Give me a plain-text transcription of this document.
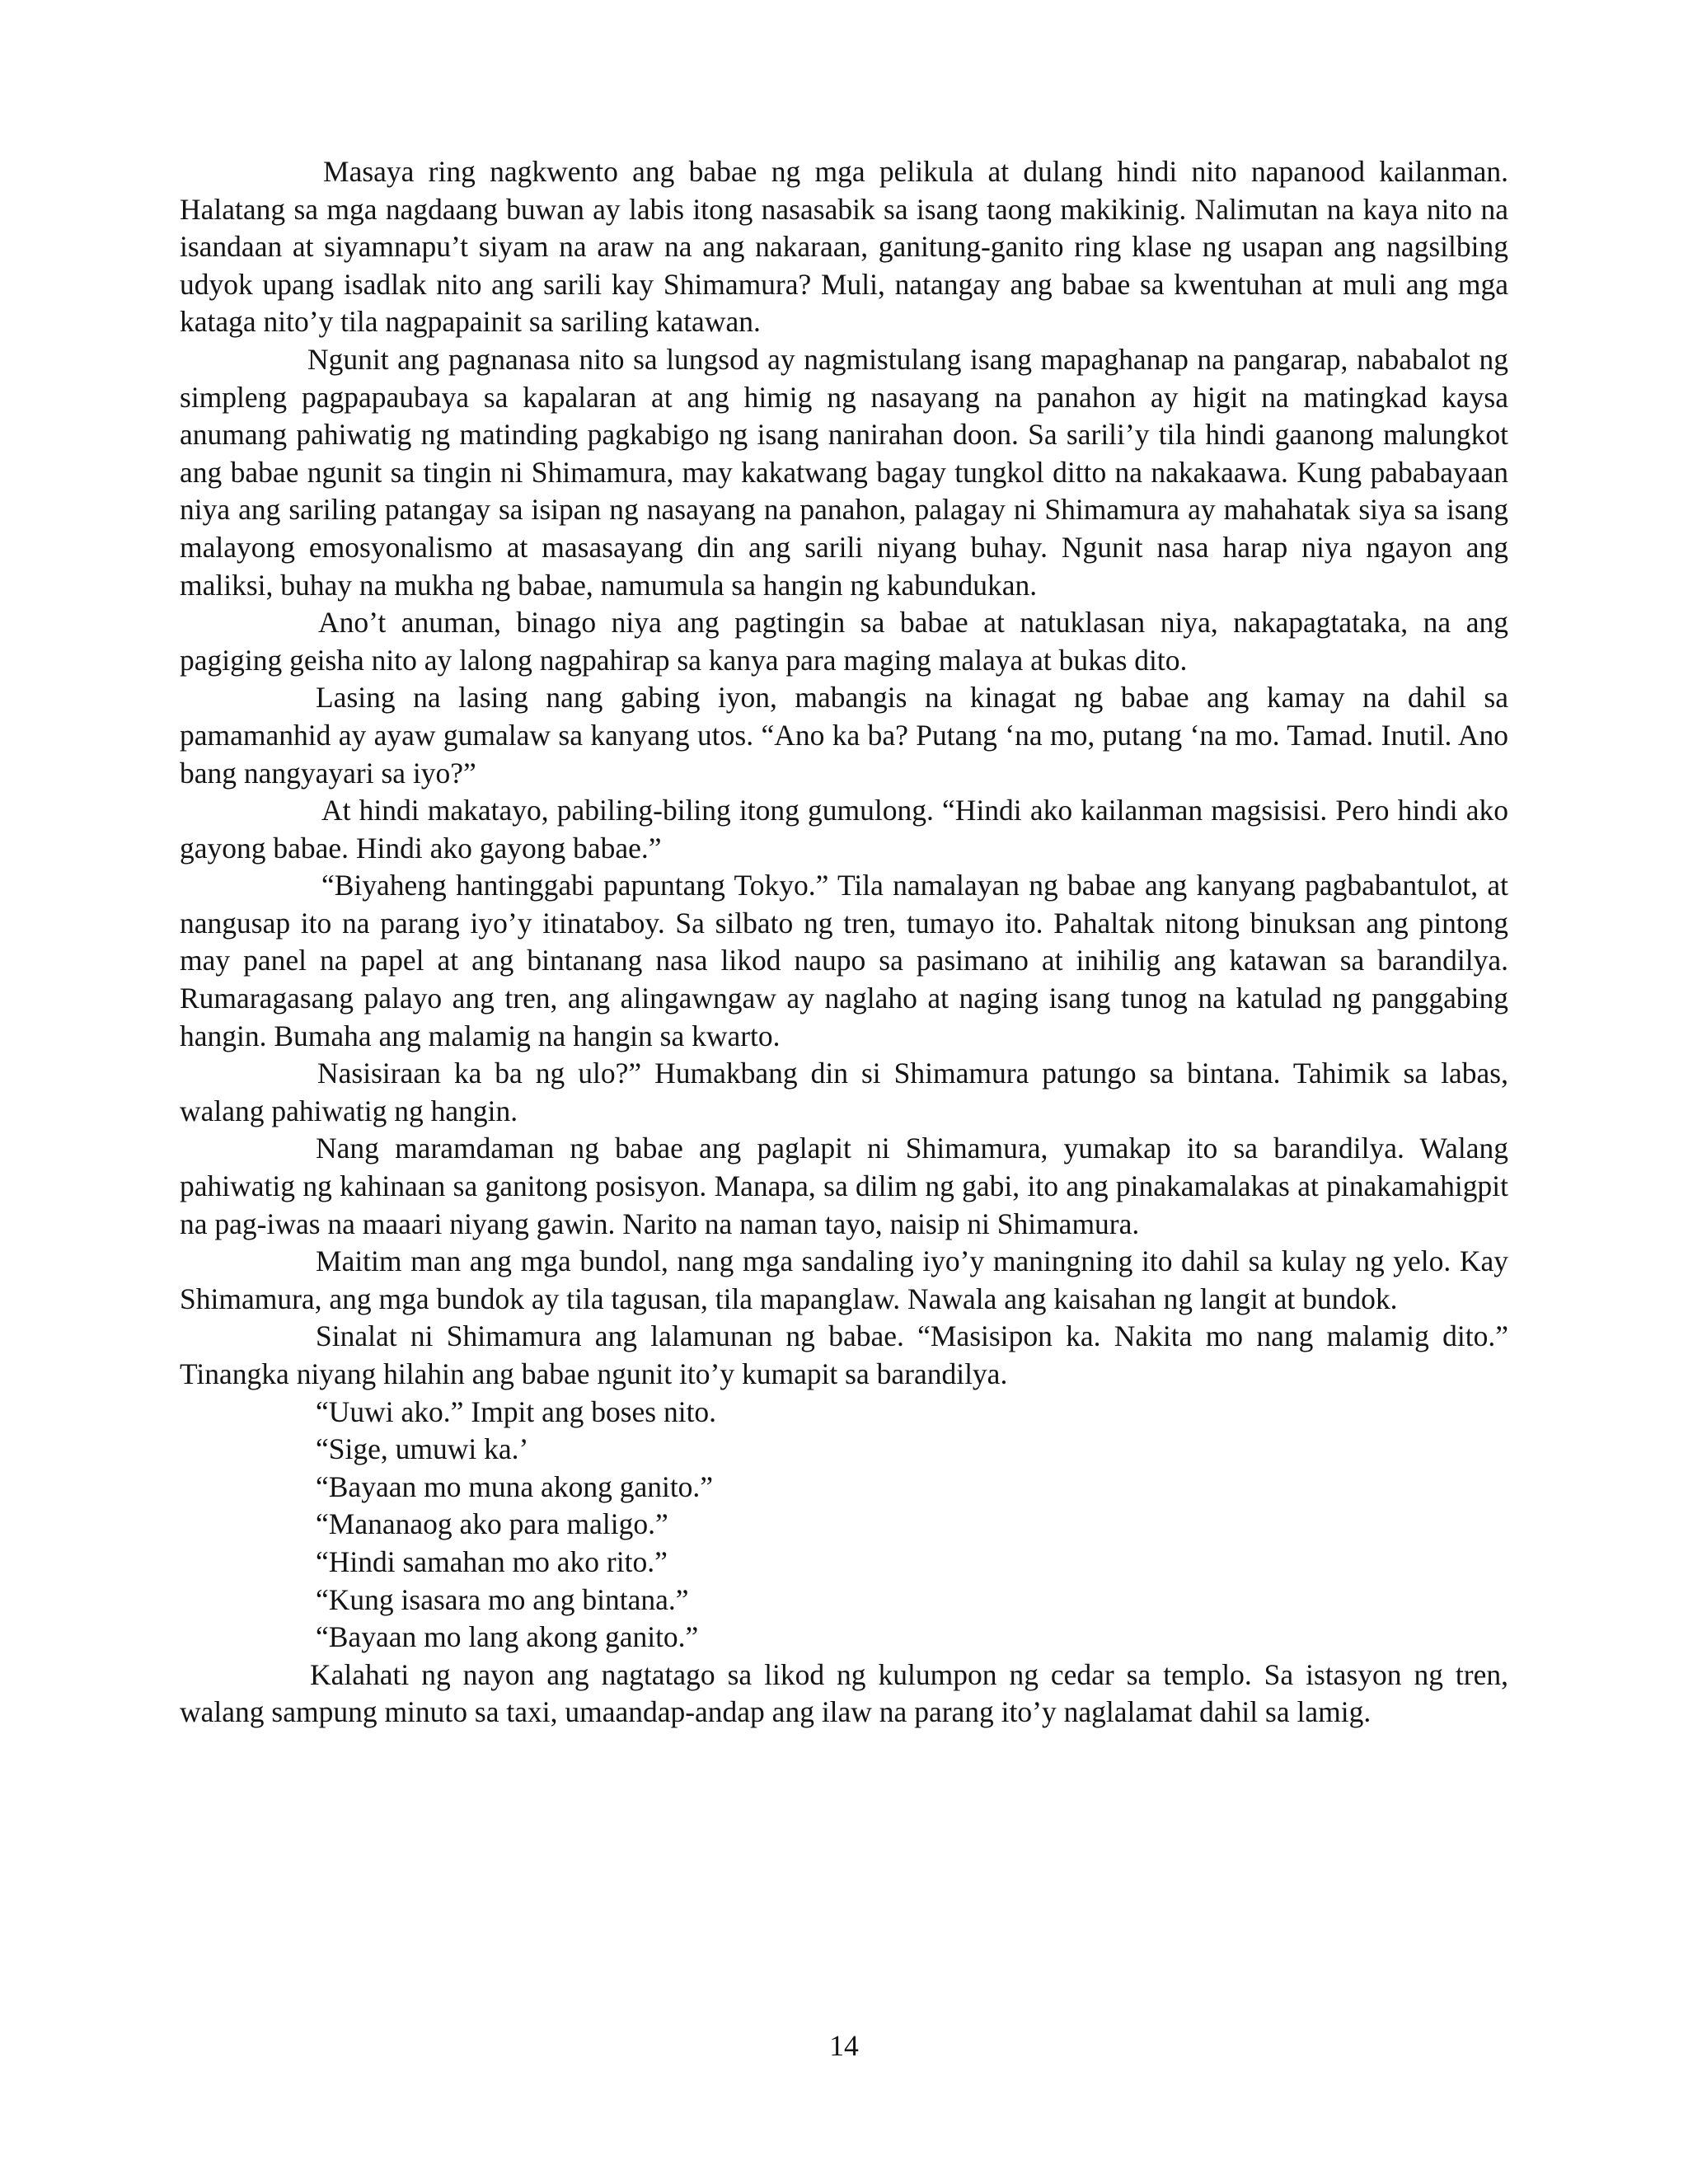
Masaya ring nagkwento ang babae ng mga pelikula at dulang hindi nito napanood kailanman. Halatang sa mga nagdaang buwan ay labis itong nasasabik sa isang taong makikinig. Nalimutan na kaya nito na isandaan at siyamnapu’t siyam na araw na ang nakaraan, ganitung-ganito ring klase ng usapan ang nagsilbing udyok upang isadlak nito ang sarili kay Shimamura? Muli, natangay ang babae sa kwentuhan at muli ang mga kataga nito’y tila nagpapainit sa sariling katawan.

Ngunit ang pagnanasa nito sa lungsod ay nagmistulang isang mapaghanap na pangarap, nababalot ng simpleng pagpapaubaya sa kapalaran at ang himig ng nasayang na panahon ay higit na matingkad kaysa anumang pahiwatig ng matinding pagkabigo ng isang nanirahan doon. Sa sarili’y tila hindi gaanong malungkot ang babae ngunit sa tingin ni Shimamura, may kakatwang bagay tungkol ditto na nakakaawa. Kung pababayaan niya ang sariling patangay sa isipan ng nasayang na panahon, palagay ni Shimamura ay mahahatak siya sa isang malayong emosyonalismo at masasayang din ang sarili niyang buhay. Ngunit nasa harap niya ngayon ang maliksi, buhay na mukha ng babae, namumula sa hangin ng kabundukan.

Ano’t anuman, binago niya ang pagtingin sa babae at natuklasan niya, nakapagtataka, na ang pagiging geisha nito ay lalong nagpahirap sa kanya para maging malaya at bukas dito.

Lasing na lasing nang gabing iyon, mabangis na kinagat ng babae ang kamay na dahil sa pamamanhid ay ayaw gumalaw sa kanyang utos. “Ano ka ba? Putang ‘na mo, putang ‘na mo. Tamad. Inutil. Ano bang nangyayari sa iyo?”

At hindi makatayo, pabiling-biling itong gumulong. “Hindi ako kailanman magsisisi. Pero hindi ako gayong babae. Hindi ako gayong babae.”

“Biyaheng hantinggabi papuntang Tokyo.” Tila namalayan ng babae ang kanyang pagbabantulot, at nangusap ito na parang iyo’y itinataboy. Sa silbato ng tren, tumayo ito. Pahaltak nitong binuksan ang pintong may panel na papel at ang bintanang nasa likod naupo sa pasimano at inihilig ang katawan sa barandilya. Rumaragasang palayo ang tren, ang alingawngaw ay naglaho at naging isang tunog na katulad ng panggabing hangin. Bumaha ang malamig na hangin sa kwarto.

Nasisiraan ka ba ng ulo?” Humakbang din si Shimamura patungo sa bintana. Tahimik sa labas, walang pahiwatig ng hangin.

Nang maramdaman ng babae ang paglapit ni Shimamura, yumakap ito sa barandilya. Walang pahiwatig ng kahinaan sa ganitong posisyon. Manapa, sa dilim ng gabi, ito ang pinakamalakas at pinakamahigpit na pag-iwas na maaari niyang gawin. Narito na naman tayo, naisip ni Shimamura.

Maitim man ang mga bundol, nang mga sandaling iyo’y maningning ito dahil sa kulay ng yelo. Kay Shimamura, ang mga bundok ay tila tagusan, tila mapanglaw. Nawala ang kaisahan ng langit at bundok.

Sinalat ni Shimamura ang lalamunan ng babae. “Masisipon ka. Nakita mo nang malamig dito.” Tinangka niyang hilahin ang babae ngunit ito’y kumapit sa barandilya.

“Uuwi ako.” Impit ang boses nito.

“Sige, umuwi ka.’

“Bayaan mo muna akong ganito.”

“Mananaog ako para maligo.”

“Hindi samahan mo ako rito.”

“Kung isasara mo ang bintana.”

“Bayaan mo lang akong ganito.”

Kalahati ng nayon ang nagtatago sa likod ng kulumpon ng cedar sa templo. Sa istasyon ng tren, walang sampung minuto sa taxi, umaandap-andap ang ilaw na parang ito’y naglalamat dahil sa lamig.

14
